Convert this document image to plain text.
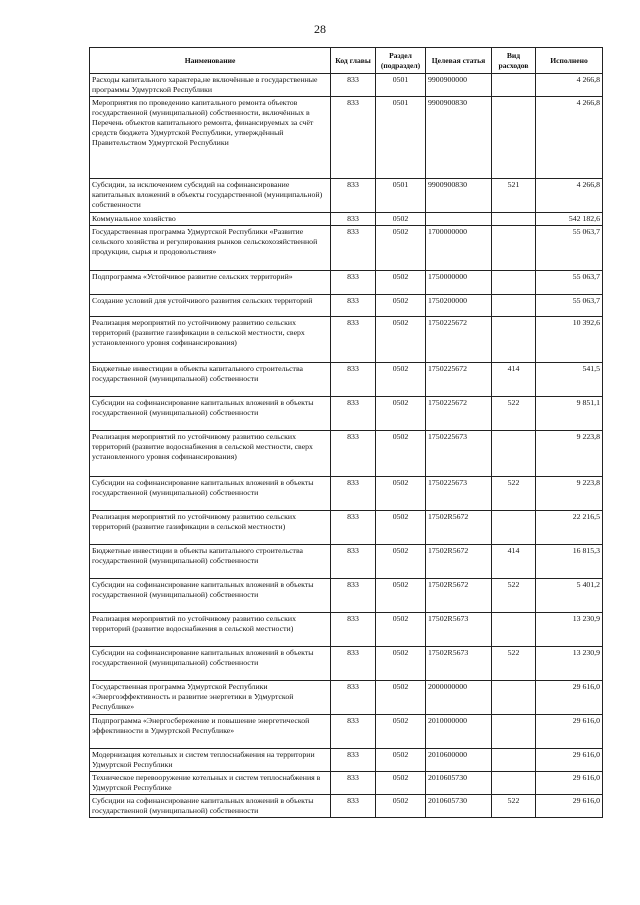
28
Наименование	Код главы	Раздел (подраздел)	Целевая статья	Вид расходов	Исполнено
Расходы капитального характера,не включённые в государственные программы Удмуртской Республики	833	0501	9900900000		4 266,8
Мероприятия по проведению капитального ремонта объектов государственной (муниципальной) собственности, включённых в Перечень объектов капитального ремонта, финансируемых за счёт средств бюджета Удмуртской Республики, утверждённый Правительством Удмуртской Республики	833	0501	9900900830		4 266,8
Субсидии, за исключением субсидий на софинансирование капитальных вложений в объекты государственной (муниципальной) собственности	833	0501	9900900830	521	4 266,8
Коммунальное хозяйство	833	0502			542 182,6
Государственная программа Удмуртской Республики «Развитие сельского хозяйства и регулирования рынков сельскохозяйственной продукции, сырья и продовольствия»	833	0502	1700000000		55 063,7
Подпрограмма «Устойчивое развитие сельских территорий»	833	0502	1750000000		55 063,7
Создание условий для устойчивого развития сельских территорий	833	0502	1750200000		55 063,7
Реализация мероприятий по устойчивому развитию сельских территорий (развитие газификации в сельской местности, сверх установленного уровня софинансирования)	833	0502	1750225672		10 392,6
Бюджетные инвестиции в объекты капитального строительства государственной (муниципальной) собственности	833	0502	1750225672	414	541,5
Субсидии на софинансирование капитальных вложений в объекты государственной (муниципальной) собственности	833	0502	1750225672	522	9 851,1
Реализация мероприятий по устойчивому развитию сельских территорий (развитие водоснабжения в сельской местности, сверх установленного уровня софинансирования)	833	0502	1750225673		9 223,8
Субсидии на софинансирование капитальных вложений в объекты государственной (муниципальной) собственности	833	0502	1750225673	522	9 223,8
Реализация мероприятий по устойчивому развитию сельских территорий (развитие газификации в сельской местности)	833	0502	17502R5672		22 216,5
Бюджетные инвестиции в объекты капитального строительства государственной (муниципальной) собственности	833	0502	17502R5672	414	16 815,3
Субсидии на софинансирование капитальных вложений в объекты государственной (муниципальной) собственности	833	0502	17502R5672	522	5 401,2
Реализация мероприятий по устойчивому развитию сельских территорий (развитие водоснабжения в сельской местности)	833	0502	17502R5673		13 230,9
Субсидии на софинансирование капитальных вложений в объекты государственной (муниципальной) собственности	833	0502	17502R5673	522	13 230,9
Государственная программа Удмуртской Республики «Энергоэффективность и развитие энергетики в Удмуртской Республике»	833	0502	2000000000		29 616,0
Подпрограмма «Энергосбережение и повышение энергетической эффективности в Удмуртской Республике»	833	0502	2010000000		29 616,0
Модернизация котельных и систем теплоснабжения на территории Удмуртской Республики	833	0502	2010600000		29 616,0
Техническое перевооружение котельных и систем теплоснабжения в Удмуртской Республике	833	0502	2010605730		29 616,0
Субсидии на софинансирование капитальных вложений в объекты государственной (муниципальной) собственности	833	0502	2010605730	522	29 616,0
